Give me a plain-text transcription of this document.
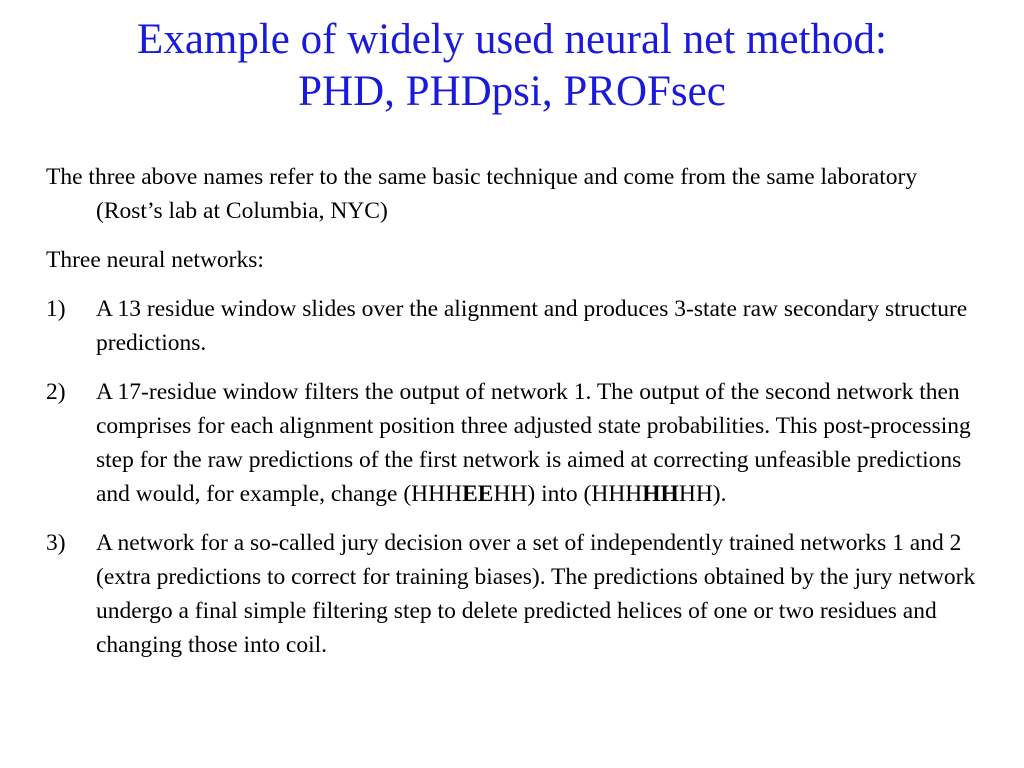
Example of widely used neural net method:
PHD, PHDpsi, PROFsec

The three above names refer to the same basic technique and come from the same laboratory (Rost’s lab at Columbia, NYC)

Three neural networks:

1) A 13 residue window slides over the alignment and produces 3-state raw secondary structure predictions.
2) A 17-residue window filters the output of network 1. The output of the second network then comprises for each alignment position three adjusted state probabilities. This post-processing step for the raw predictions of the first network is aimed at correcting unfeasible predictions and would, for example, change (HHHEEHH) into (HHHHHHH).
3) A network for a so-called jury decision over a set of independently trained networks 1 and 2 (extra predictions to correct for training biases). The predictions obtained by the jury network undergo a final simple filtering step to delete predicted helices of one or two residues and changing those into coil.
